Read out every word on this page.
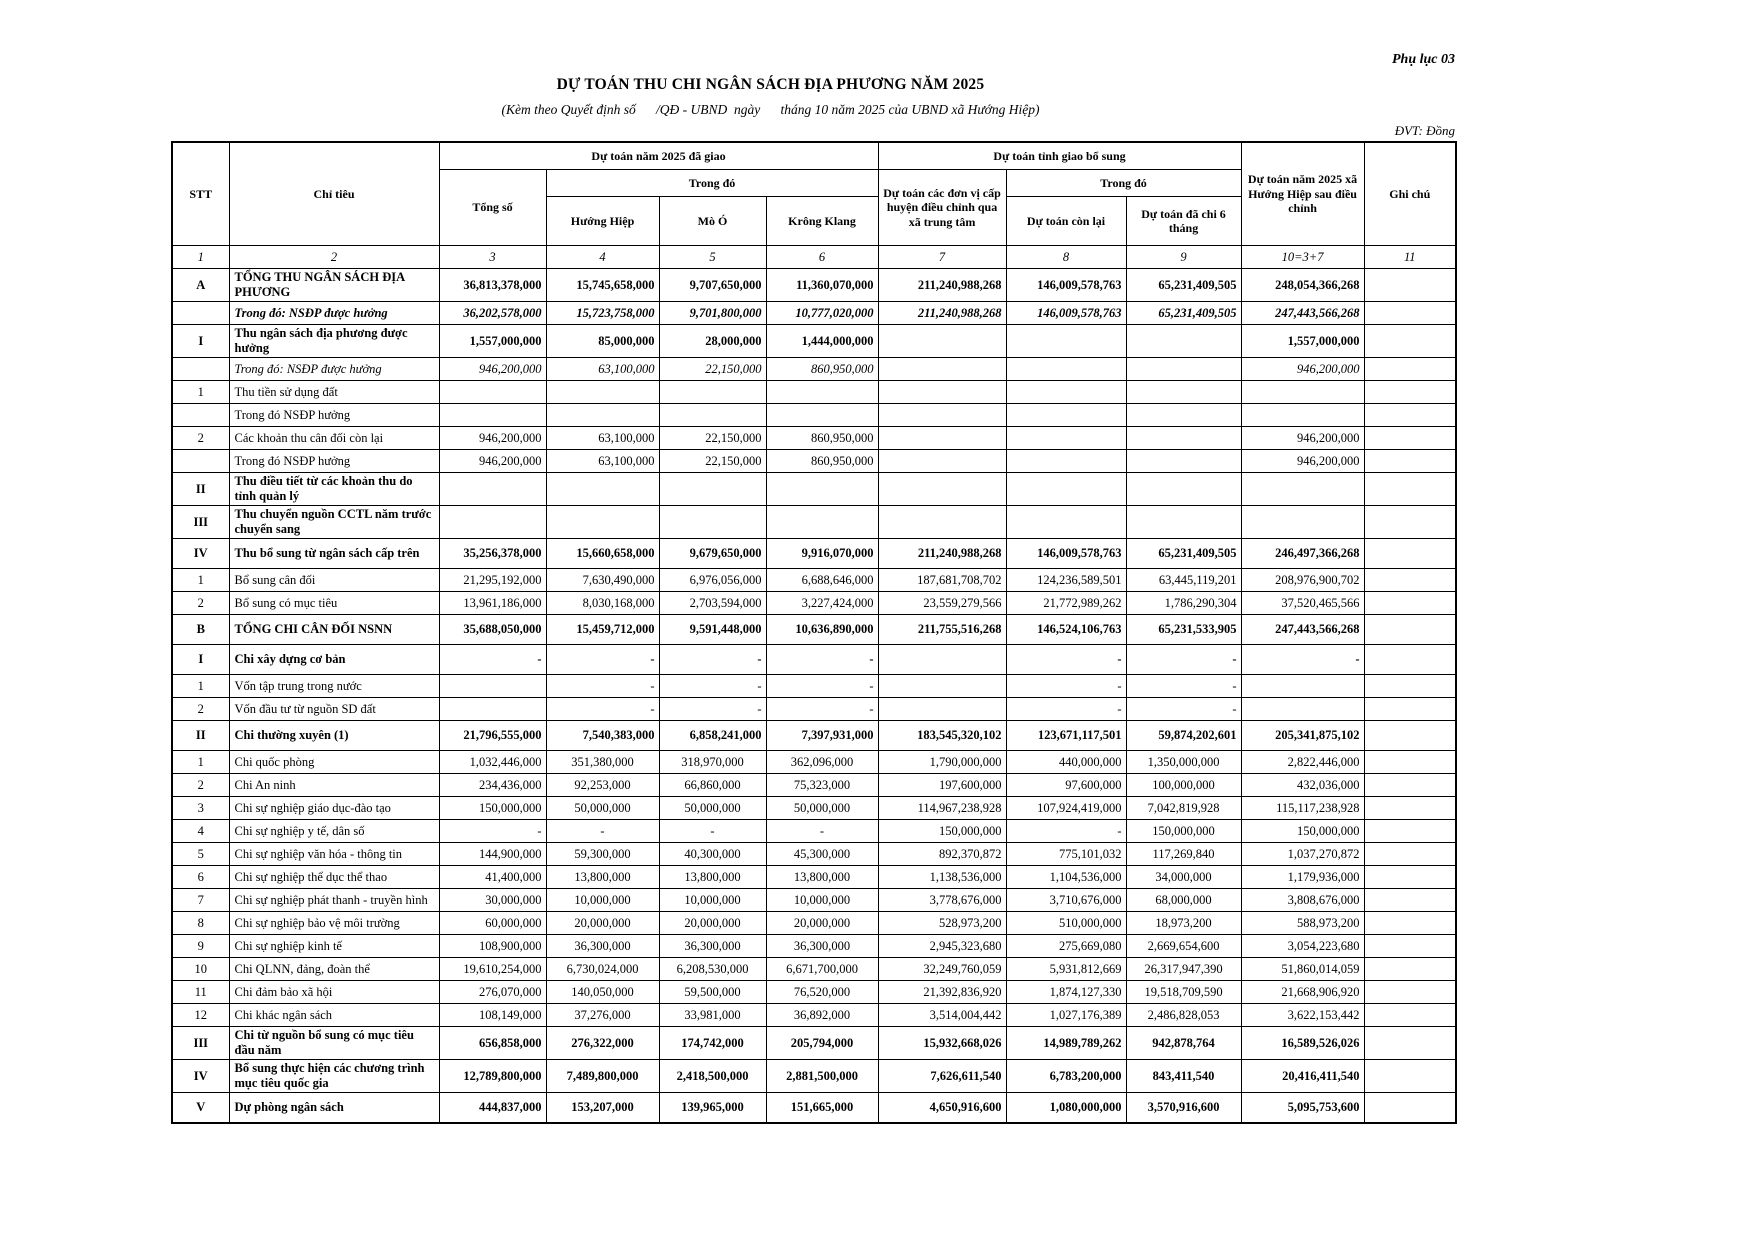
Phụ lục 03
DỰ TOÁN THU CHI NGÂN SÁCH ĐỊA PHƯƠNG NĂM 2025
(Kèm theo Quyết định số      /QĐ - UBND  ngày      tháng 10 năm 2025 của UBND xã Hướng Hiệp)
ĐVT: Đồng
STT	Chỉ tiêu	Dự toán năm 2025 đã giao				Dự toán tỉnh giao bổ sung			Dự toán năm 2025 xã Hướng Hiệp sau điều chỉnh	Ghi chú
		Tổng số	Trong đó			Dự toán các đơn vị cấp huyện điều chỉnh qua xã trung tâm	Trong đó			
			Hướng Hiệp	Mò Ó	Krông Klang		Dự toán còn lại	Dự toán đã chi 6 tháng		
1	2	3	4	5	6	7	8	9	10=3+7	11
A	TỔNG THU NGÂN SÁCH ĐỊA PHƯƠNG	36,813,378,000	15,745,658,000	9,707,650,000	11,360,070,000	211,240,988,268	146,009,578,763	65,231,409,505	248,054,366,268	
	Trong đó: NSĐP được hưởng	36,202,578,000	15,723,758,000	9,701,800,000	10,777,020,000	211,240,988,268	146,009,578,763	65,231,409,505	247,443,566,268	
I	Thu ngân sách địa phương được hưởng	1,557,000,000	85,000,000	28,000,000	1,444,000,000				1,557,000,000	
	Trong đó: NSĐP được hưởng	946,200,000	63,100,000	22,150,000	860,950,000				946,200,000	
1	Thu tiền sử dụng đất									
	Trong đó NSĐP hưởng									
2	Các khoản thu cân đối còn lại	946,200,000	63,100,000	22,150,000	860,950,000				946,200,000	
	Trong đó NSĐP hưởng	946,200,000	63,100,000	22,150,000	860,950,000				946,200,000	
II	Thu điều tiết từ các khoản thu do tỉnh quản lý									
III	Thu chuyển nguồn CCTL năm trước chuyển sang									
IV	Thu bổ sung từ ngân sách cấp trên	35,256,378,000	15,660,658,000	9,679,650,000	9,916,070,000	211,240,988,268	146,009,578,763	65,231,409,505	246,497,366,268	
1	Bổ sung cân đối	21,295,192,000	7,630,490,000	6,976,056,000	6,688,646,000	187,681,708,702	124,236,589,501	63,445,119,201	208,976,900,702	
2	Bổ sung có mục tiêu	13,961,186,000	8,030,168,000	2,703,594,000	3,227,424,000	23,559,279,566	21,772,989,262	1,786,290,304	37,520,465,566	
B	TỔNG CHI CÂN ĐỐI NSNN	35,688,050,000	15,459,712,000	9,591,448,000	10,636,890,000	211,755,516,268	146,524,106,763	65,231,533,905	247,443,566,268	
I	Chi xây dựng cơ bản	-	-	-	-		-	-	-	
1	Vốn tập trung trong nước		-	-	-		-	-		
2	Vốn đầu tư từ nguồn SD đất		-	-	-		-	-		
II	Chi thường xuyên (1)	21,796,555,000	7,540,383,000	6,858,241,000	7,397,931,000	183,545,320,102	123,671,117,501	59,874,202,601	205,341,875,102	
1	Chi quốc phòng	1,032,446,000	351,380,000	318,970,000	362,096,000	1,790,000,000	440,000,000	1,350,000,000	2,822,446,000	
2	Chi An ninh	234,436,000	92,253,000	66,860,000	75,323,000	197,600,000	97,600,000	100,000,000	432,036,000	
3	Chi sự nghiệp giáo dục-đào tạo	150,000,000	50,000,000	50,000,000	50,000,000	114,967,238,928	107,924,419,000	7,042,819,928	115,117,238,928	
4	Chi sự nghiệp y tế, dân số	-	-	-	-	150,000,000	-	150,000,000	150,000,000	
5	Chi sự nghiệp văn hóa - thông tin	144,900,000	59,300,000	40,300,000	45,300,000	892,370,872	775,101,032	117,269,840	1,037,270,872	
6	Chi sự nghiệp thể dục thể thao	41,400,000	13,800,000	13,800,000	13,800,000	1,138,536,000	1,104,536,000	34,000,000	1,179,936,000	
7	Chi sự nghiệp phát thanh - truyền hình	30,000,000	10,000,000	10,000,000	10,000,000	3,778,676,000	3,710,676,000	68,000,000	3,808,676,000	
8	Chi sự nghiệp bảo vệ môi trường	60,000,000	20,000,000	20,000,000	20,000,000	528,973,200	510,000,000	18,973,200	588,973,200	
9	Chi sự nghiệp kinh tế	108,900,000	36,300,000	36,300,000	36,300,000	2,945,323,680	275,669,080	2,669,654,600	3,054,223,680	
10	Chi QLNN, đảng, đoàn thể	19,610,254,000	6,730,024,000	6,208,530,000	6,671,700,000	32,249,760,059	5,931,812,669	26,317,947,390	51,860,014,059	
11	Chi đảm bảo xã hội	276,070,000	140,050,000	59,500,000	76,520,000	21,392,836,920	1,874,127,330	19,518,709,590	21,668,906,920	
12	Chi khác ngân sách	108,149,000	37,276,000	33,981,000	36,892,000	3,514,004,442	1,027,176,389	2,486,828,053	3,622,153,442	
III	Chi từ nguồn bổ sung có mục tiêu đầu năm	656,858,000	276,322,000	174,742,000	205,794,000	15,932,668,026	14,989,789,262	942,878,764	16,589,526,026	
IV	Bổ sung thực hiện các chương trình mục tiêu quốc gia	12,789,800,000	7,489,800,000	2,418,500,000	2,881,500,000	7,626,611,540	6,783,200,000	843,411,540	20,416,411,540	
V	Dự phòng ngân sách	444,837,000	153,207,000	139,965,000	151,665,000	4,650,916,600	1,080,000,000	3,570,916,600	5,095,753,600	
